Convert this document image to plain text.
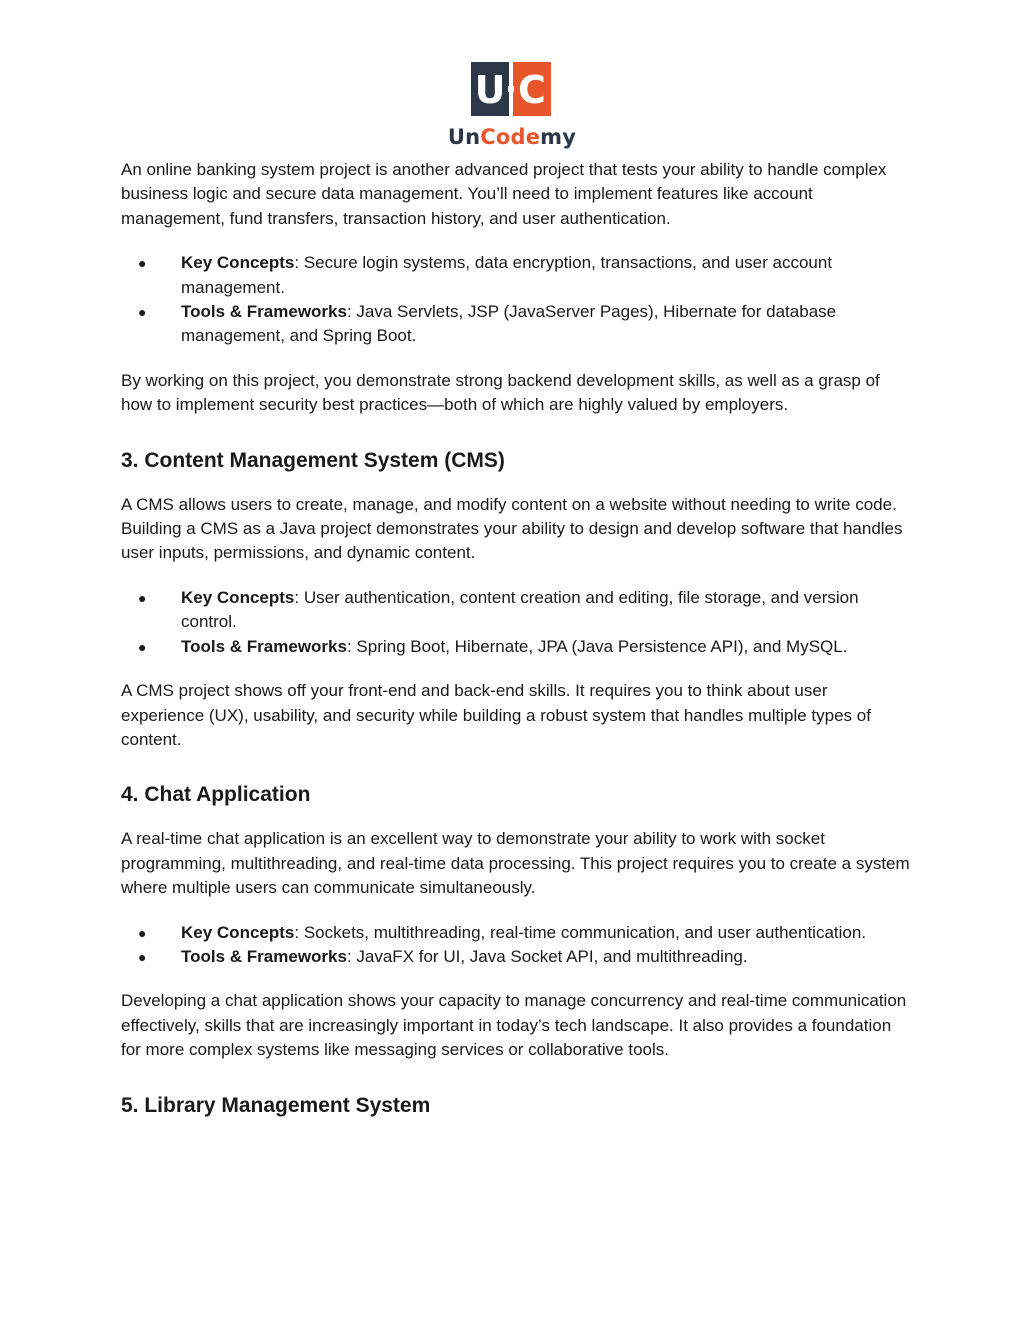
U C
UnCodemy

An online banking system project is another advanced project that tests your ability to handle complex business logic and secure data management. You’ll need to implement features like account management, fund transfers, transaction history, and user authentication.

● Key Concepts: Secure login systems, data encryption, transactions, and user account management.
● Tools & Frameworks: Java Servlets, JSP (JavaServer Pages), Hibernate for database management, and Spring Boot.

By working on this project, you demonstrate strong backend development skills, as well as a grasp of how to implement security best practices—both of which are highly valued by employers.

3. Content Management System (CMS)

A CMS allows users to create, manage, and modify content on a website without needing to write code. Building a CMS as a Java project demonstrates your ability to design and develop software that handles user inputs, permissions, and dynamic content.

● Key Concepts: User authentication, content creation and editing, file storage, and version control.
● Tools & Frameworks: Spring Boot, Hibernate, JPA (Java Persistence API), and MySQL.

A CMS project shows off your front-end and back-end skills. It requires you to think about user experience (UX), usability, and security while building a robust system that handles multiple types of content.

4. Chat Application

A real-time chat application is an excellent way to demonstrate your ability to work with socket programming, multithreading, and real-time data processing. This project requires you to create a system where multiple users can communicate simultaneously.

● Key Concepts: Sockets, multithreading, real-time communication, and user authentication.
● Tools & Frameworks: JavaFX for UI, Java Socket API, and multithreading.

Developing a chat application shows your capacity to manage concurrency and real-time communication effectively, skills that are increasingly important in today’s tech landscape. It also provides a foundation for more complex systems like messaging services or collaborative tools.

5. Library Management System
